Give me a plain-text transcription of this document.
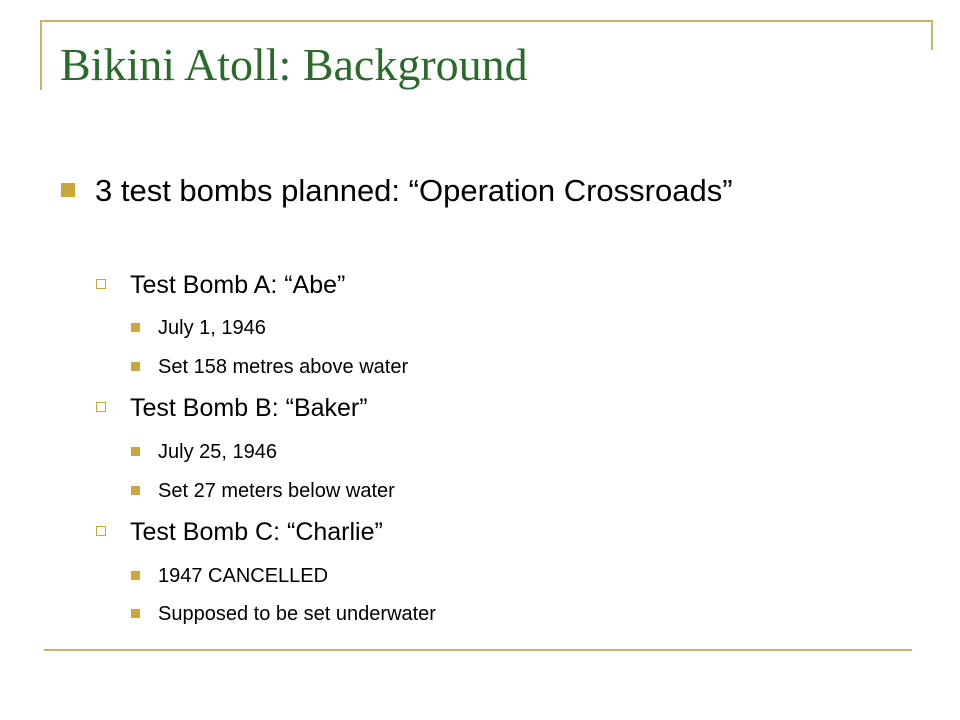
Bikini Atoll: Background
3 test bombs planned: “Operation Crossroads”
Test Bomb A: “Abe”
July 1, 1946
Set 158 metres above water
Test Bomb B: “Baker”
July 25, 1946
Set 27 meters below water
Test Bomb C: “Charlie”
1947 CANCELLED
Supposed to be set underwater
